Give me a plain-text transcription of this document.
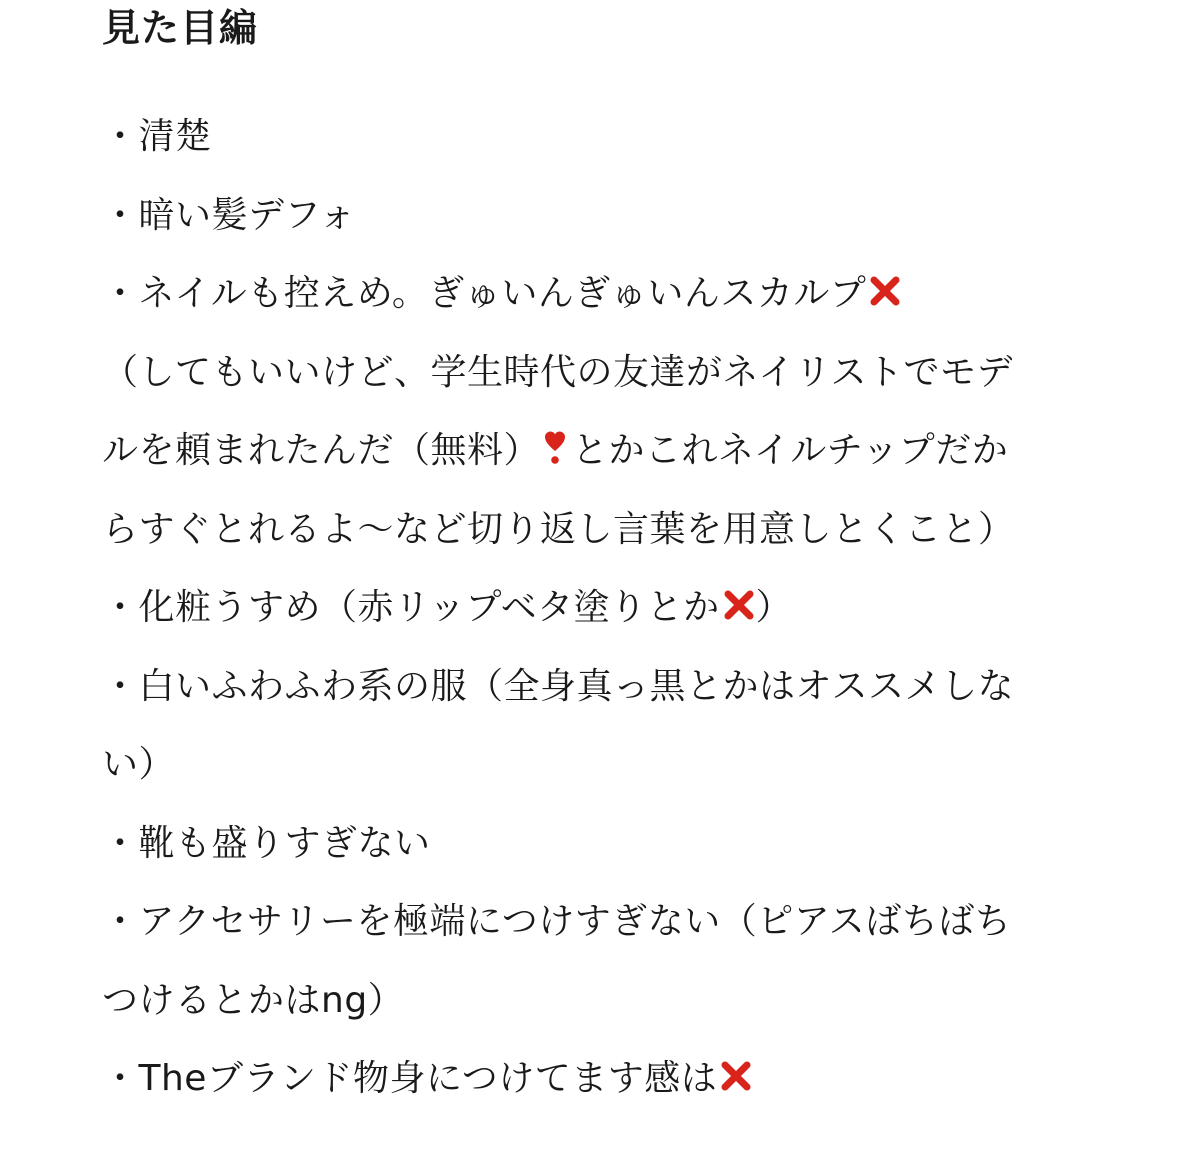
見た目編
・清楚
・暗い髪デフォ
・ネイルも控えめ。ぎゅいんぎゅいんスカルプ
（してもいいけど、学生時代の友達がネイリストでモデ
ルを頼まれたんだ（無料） とかこれネイルチップだか
らすぐとれるよ〜など切り返し言葉を用意しとくこと）
・化粧うすめ（赤リップベタ塗りとか ）
・白いふわふわ系の服（全身真っ黒とかはオススメしな
い）
・靴も盛りすぎない
・アクセサリーを極端につけすぎない（ピアスばちばち
つけるとかはng）
・Theブランド物身につけてます感は
